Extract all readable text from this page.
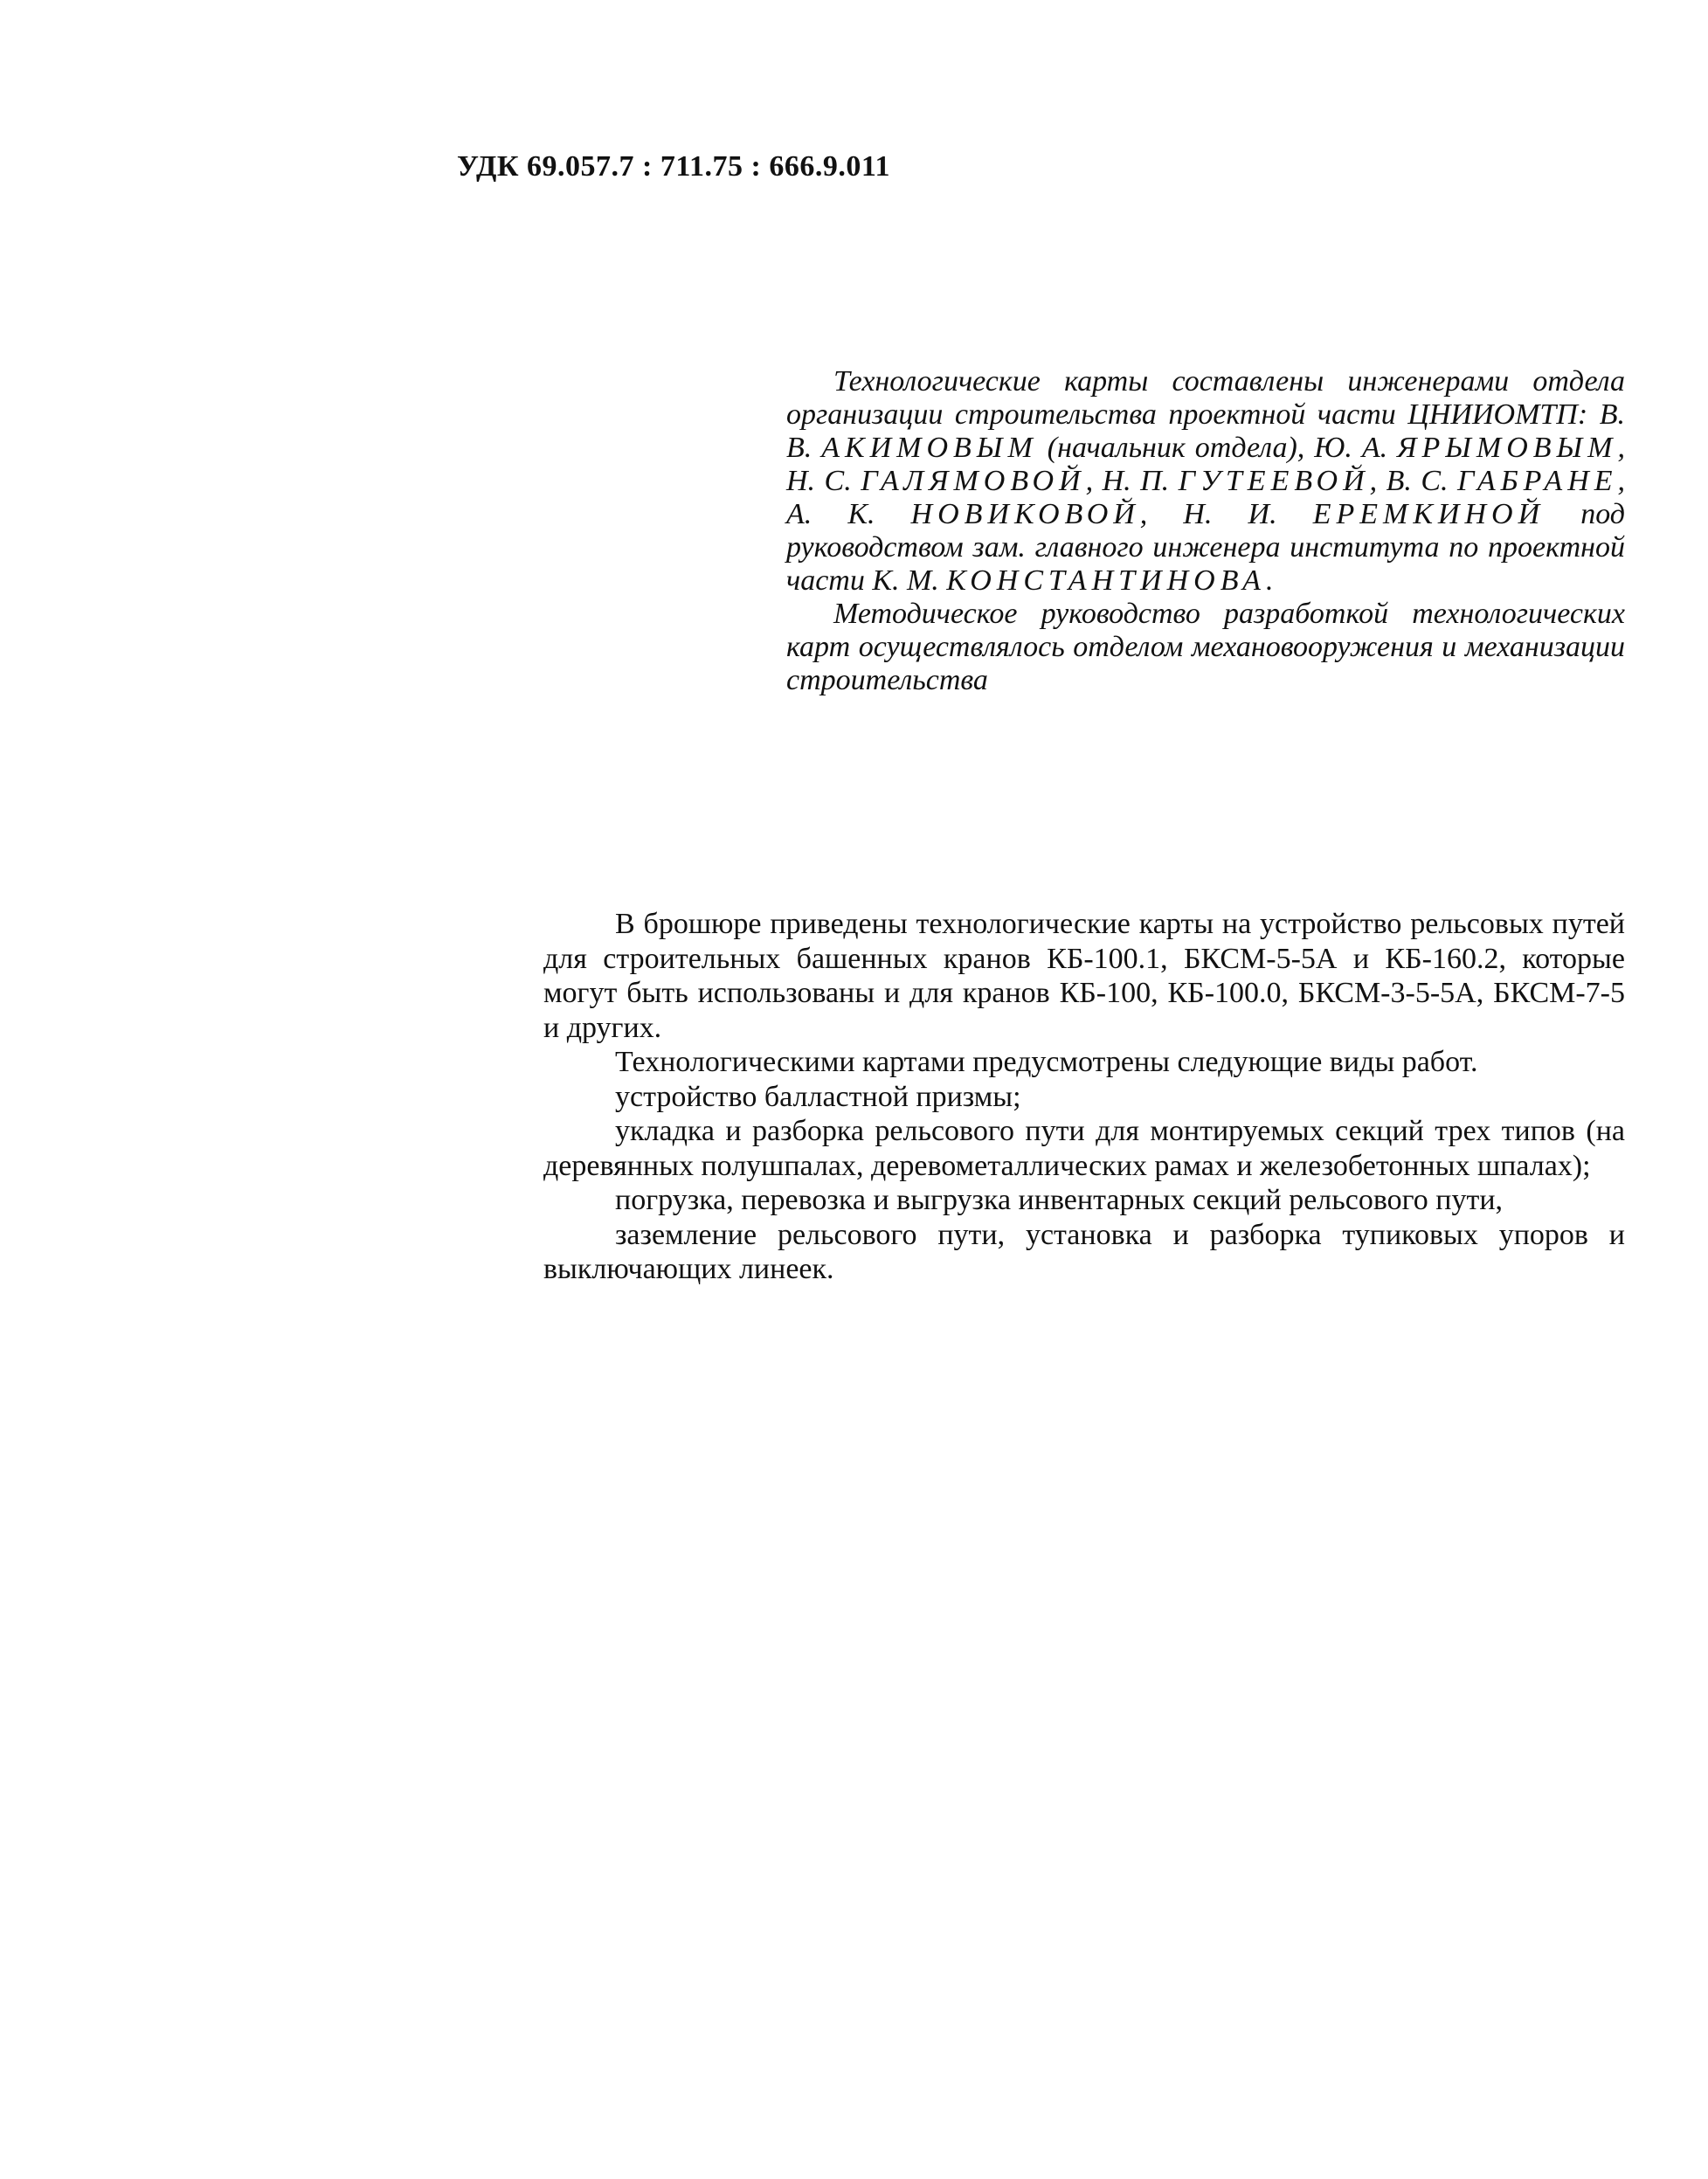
УДК 69.057.7 : 711.75 : 666.9.011

Технологические карты составлены инженерами отдела организации строительства проектной части ЦНИИОМТП: В. В. АКИМОВЫМ (начальник отдела), Ю. А. ЯРЫМОВЫМ, Н. С. ГАЛЯМОВОЙ, Н. П. ГУТЕЕВОЙ, В. С. ГАБРАНЕ, А. К. НОВИКОВОЙ, Н. И. ЕРЕМКИНОЙ под руководством зам. главного инженера института по проектной части К. М. КОНСТАНТИНОВА.

Методическое руководство разработкой технологических карт осуществлялось отделом механовооружения и механизации строительства

В брошюре приведены технологические карты на устройство рельсовых путей для строительных башенных кранов КБ-100.1, БКСМ-5-5А и КБ-160.2, которые могут быть использованы и для кранов КБ-100, КБ-100.0, БКСМ-3-5-5А, БКСМ-7-5 и других.

Технологическими картами предусмотрены следующие виды работ.

устройство балластной призмы;

укладка и разборка рельсового пути для монтируемых секций трех типов (на деревянных полушпалах, деревометаллических рамах и железобетонных шпалах);

погрузка, перевозка и выгрузка инвентарных секций рельсового пути,

заземление рельсового пути, установка и разборка тупиковых упоров и выключающих линеек.
